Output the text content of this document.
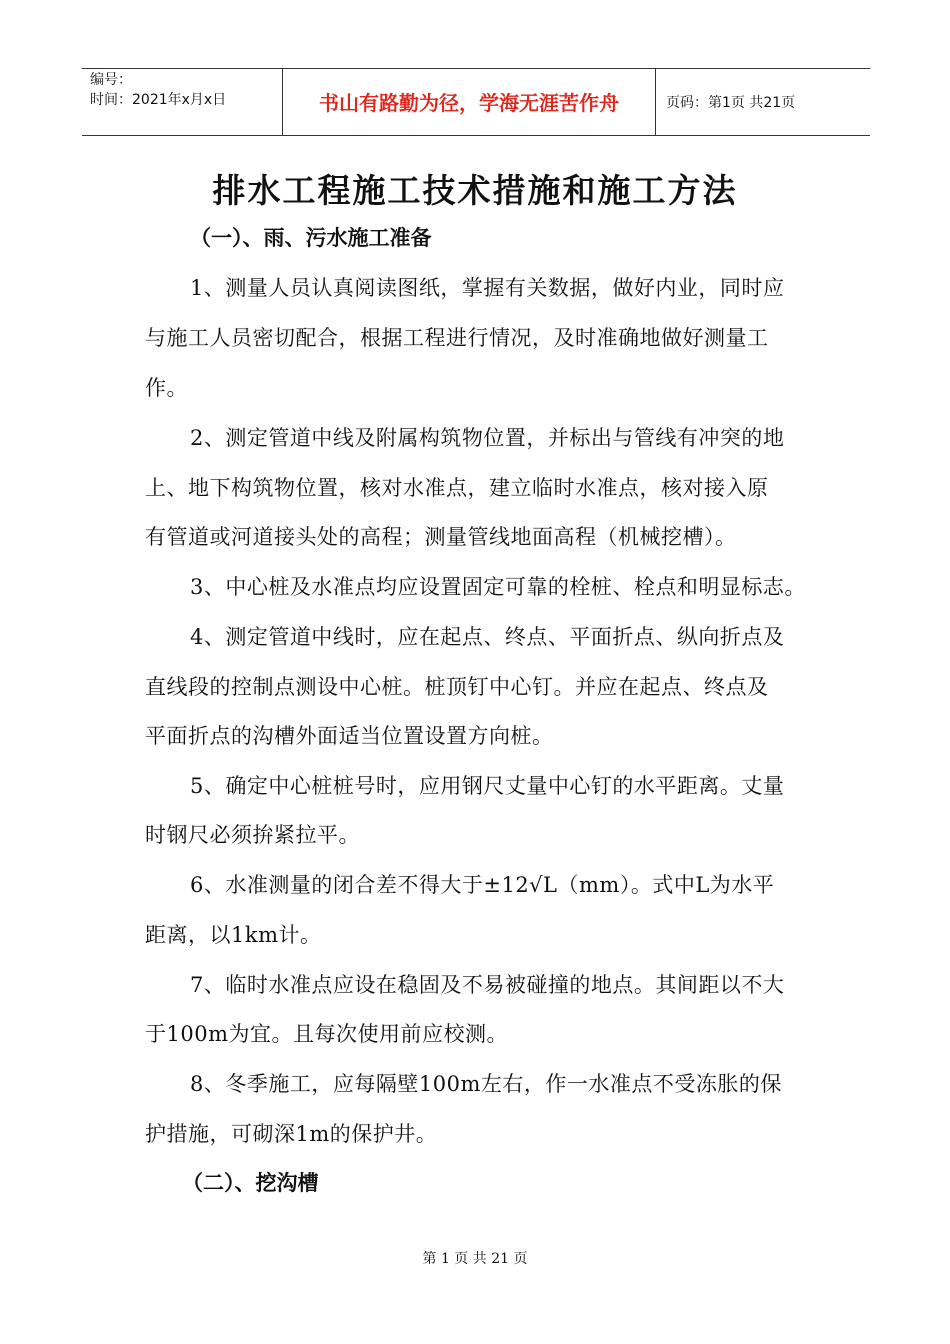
编号：
时间：2021年x月x日	书山有路勤为径，学海无涯苦作舟	页码：第1页 共21页
排水工程施工技术措施和施工方法
（一）、雨、污水施工准备
1、测量人员认真阅读图纸，掌握有关数据，做好内业，同时应
与施工人员密切配合，根据工程进行情况，及时准确地做好测量工
作。
2、测定管道中线及附属构筑物位置，并标出与管线有冲突的地
上、地下构筑物位置，核对水准点，建立临时水准点，核对接入原
有管道或河道接头处的高程；测量管线地面高程（机械挖槽）。
3、中心桩及水准点均应设置固定可靠的栓桩、栓点和明显标志。
4、测定管道中线时，应在起点、终点、平面折点、纵向折点及
直线段的控制点测设中心桩。桩顶钉中心钉。并应在起点、终点及
平面折点的沟槽外面适当位置设置方向桩。
5、确定中心桩桩号时，应用钢尺丈量中心钉的水平距离。丈量
时钢尺必须拚紧拉平。
6、水准测量的闭合差不得大于±12√L（mm）。式中L为水平
距离，以1km计。
7、临时水准点应设在稳固及不易被碰撞的地点。其间距以不大
于100m为宜。且每次使用前应校测。
8、冬季施工，应每隔壁100m左右，作一水准点不受冻胀的保
护措施，可砌深1m的保护井。
（二）、挖沟槽
第 1 页 共 21 页
